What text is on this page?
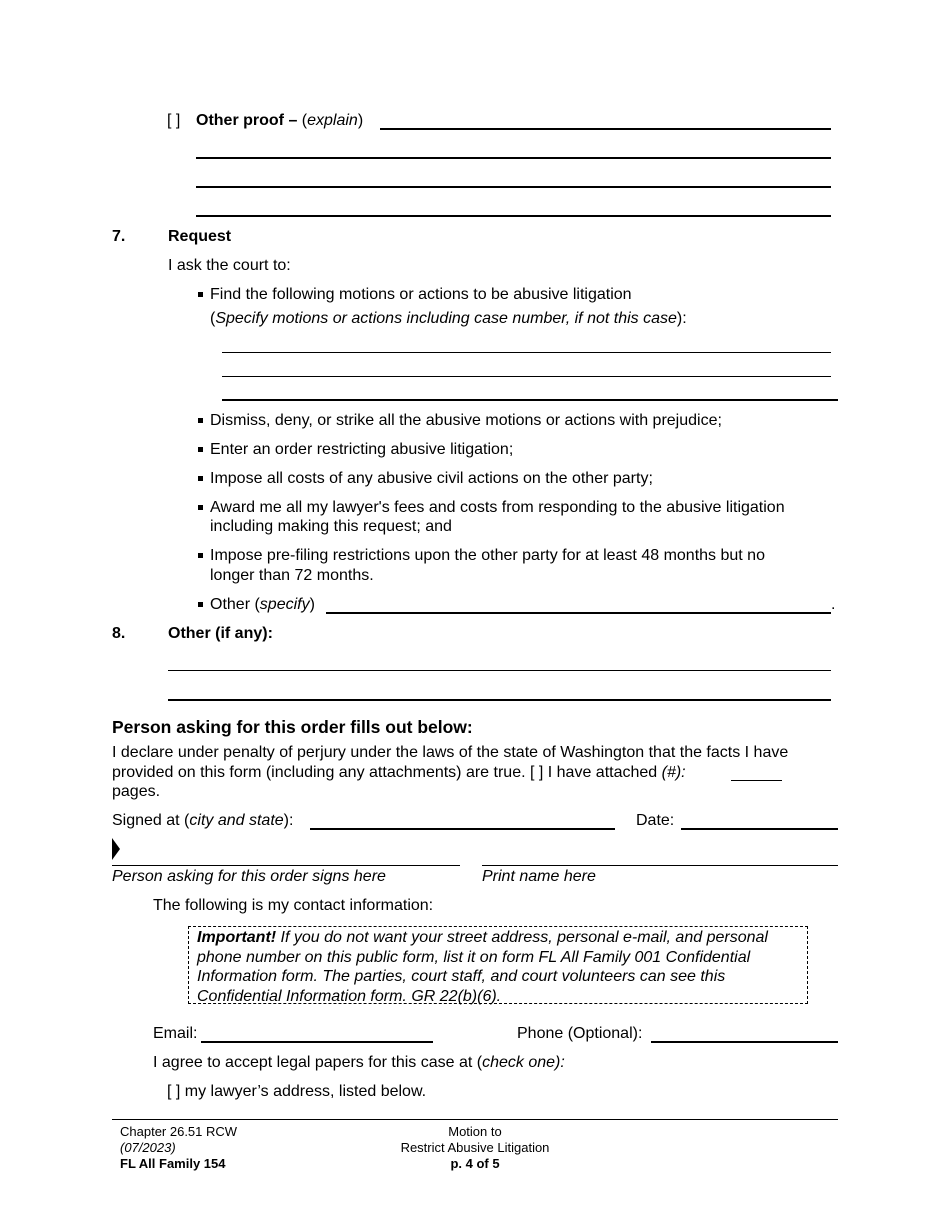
[ ] Other proof – (explain)
7.	Request
I ask the court to:
Find the following motions or actions to be abusive litigation
(Specify motions or actions including case number, if not this case):
Dismiss, deny, or strike all the abusive motions or actions with prejudice;
Enter an order restricting abusive litigation;
Impose all costs of any abusive civil actions on the other party;
Award me all my lawyer's fees and costs from responding to the abusive litigation
including making this request; and
Impose pre-filing restrictions upon the other party for at least 48 months but no
longer than 72 months.
Other (specify)	.
8.	Other (if any):
Person asking for this order fills out below:
I declare under penalty of perjury under the laws of the state of Washington that the facts I have
provided on this form (including any attachments) are true. [ ] I have attached (#):
pages.
Signed at (city and state):	Date:
Person asking for this order signs here	Print name here
The following is my contact information:
Important! If you do not want your street address, personal e-mail, and personal phone number on this public form, list it on form FL All Family 001 Confidential Information form. The parties, court staff, and court volunteers can see this Confidential Information form. GR 22(b)(6).
Email:	Phone (Optional):
I agree to accept legal papers for this case at (check one):
[ ] my lawyer’s address, listed below.
Chapter 26.51 RCW
(07/2023)
FL All Family 154
Motion to
Restrict Abusive Litigation
p. 4 of 5
